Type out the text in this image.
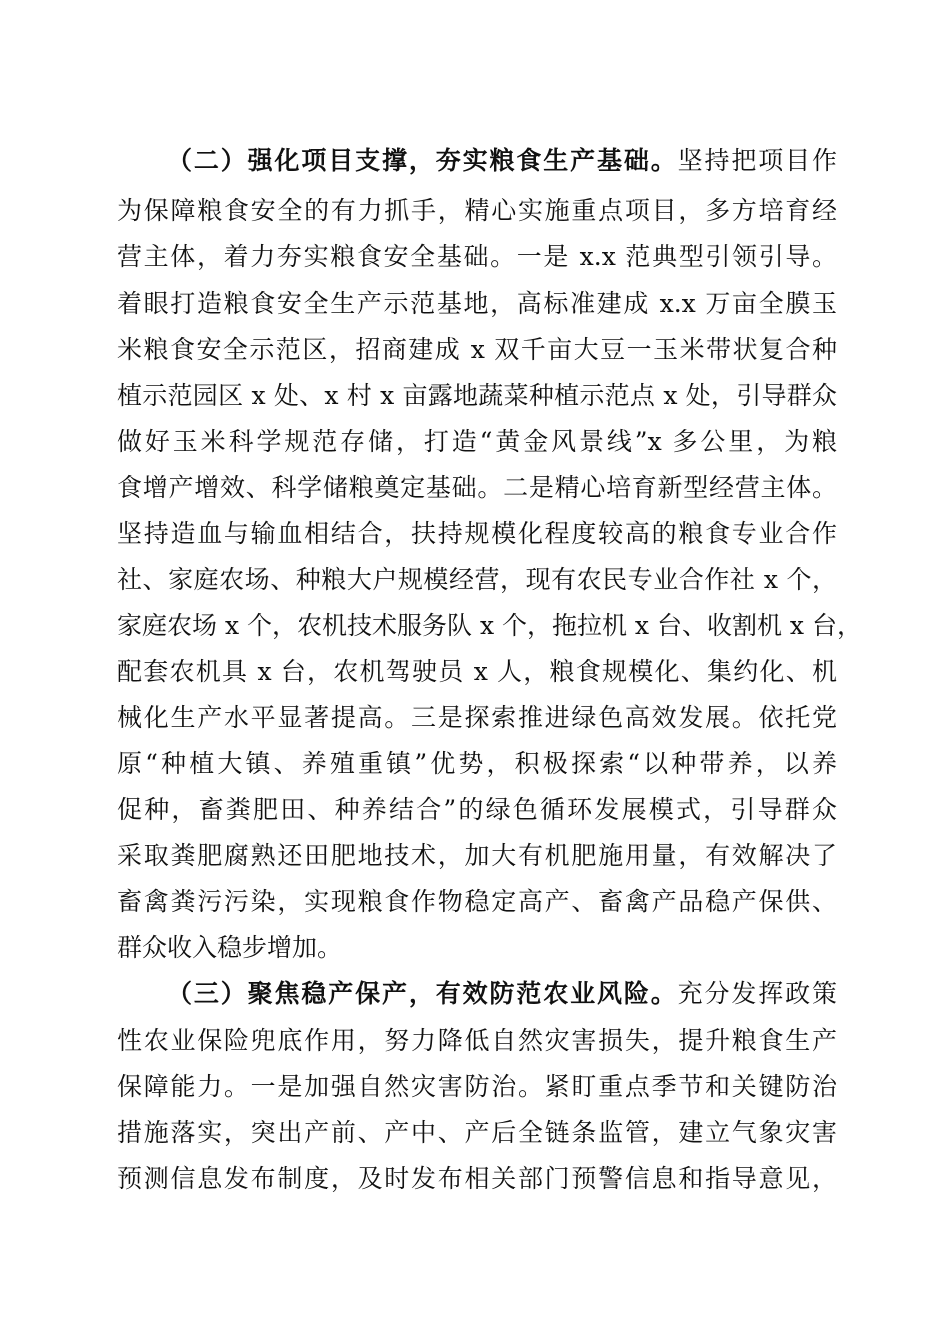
（二）强化项目支撑，夯实粮食生产基础。坚持把项目作
为保障粮食安全的有力抓手，精心实施重点项目，多方培育经
营主体，着力夯实粮食安全基础。一是 x.x 范典型引领引导。
着眼打造粮食安全生产示范基地，高标准建成 x.x 万亩全膜玉
米粮食安全示范区，招商建成 x 双千亩大豆一玉米带状复合种
植示范园区 x 处、x 村 x 亩露地蔬菜种植示范点 x 处，引导群众
做好玉米科学规范存储，打造“黄金风景线”x 多公里，为粮
食增产增效、科学储粮奠定基础。二是精心培育新型经营主体。
坚持造血与输血相结合，扶持规模化程度较高的粮食专业合作
社、家庭农场、种粮大户规模经营，现有农民专业合作社 x 个，
家庭农场 x 个，农机技术服务队 x 个，拖拉机 x 台、收割机 x 台，
配套农机具 x 台，农机驾驶员 x 人，粮食规模化、集约化、机
械化生产水平显著提高。三是探索推进绿色高效发展。依托党
原“种植大镇、养殖重镇”优势，积极探索“以种带养，以养
促种，畜粪肥田、种养结合”的绿色循环发展模式，引导群众
采取粪肥腐熟还田肥地技术，加大有机肥施用量，有效解决了
畜禽粪污污染，实现粮食作物稳定高产、畜禽产品稳产保供、
群众收入稳步增加。
（三）聚焦稳产保产，有效防范农业风险。充分发挥政策
性农业保险兜底作用，努力降低自然灾害损失，提升粮食生产
保障能力。一是加强自然灾害防治。紧盯重点季节和关键防治
措施落实，突出产前、产中、产后全链条监管，建立气象灾害
预测信息发布制度，及时发布相关部门预警信息和指导意见，
